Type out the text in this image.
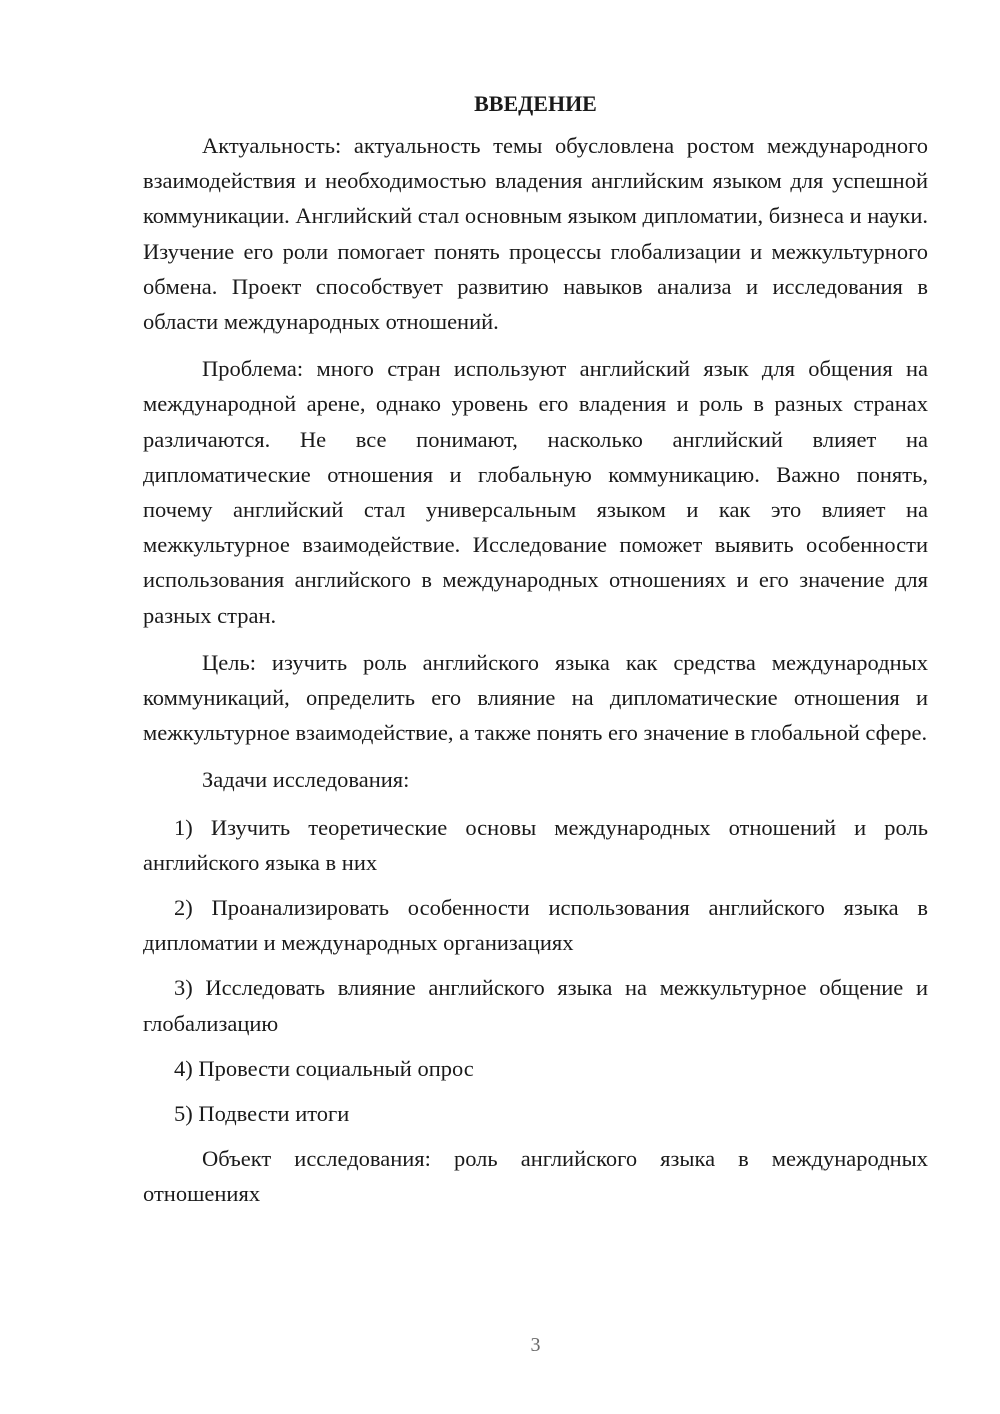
ВВЕДЕНИЕ

Актуальность: актуальность темы обусловлена ростом международного взаимодействия и необходимостью владения английским языком для успешной коммуникации. Английский стал основным языком дипломатии, бизнеса и науки. Изучение его роли помогает понять процессы глобализации и межкультурного обмена. Проект способствует развитию навыков анализа и исследования в области международных отношений.

Проблема: много стран используют английский язык для общения на международной арене, однако уровень его владения и роль в разных странах различаются. Не все понимают, насколько английский влияет на дипломатические отношения и глобальную коммуникацию. Важно понять, почему английский стал универсальным языком и как это влияет на межкультурное взаимодействие. Исследование поможет выявить особенности использования английского в международных отношениях и его значение для разных стран.

Цель: изучить роль английского языка как средства международных коммуникаций, определить его влияние на дипломатические отношения и межкультурное взаимодействие, а также понять его значение в глобальной сфере.

Задачи исследования:

1) Изучить теоретические основы международных отношений и роль английского языка в них

2) Проанализировать особенности использования английского языка в дипломатии и международных организациях

3) Исследовать влияние английского языка на межкультурное общение и глобализацию

4) Провести социальный опрос

5) Подвести итоги

Объект исследования: роль английского языка в международных отношениях

3
